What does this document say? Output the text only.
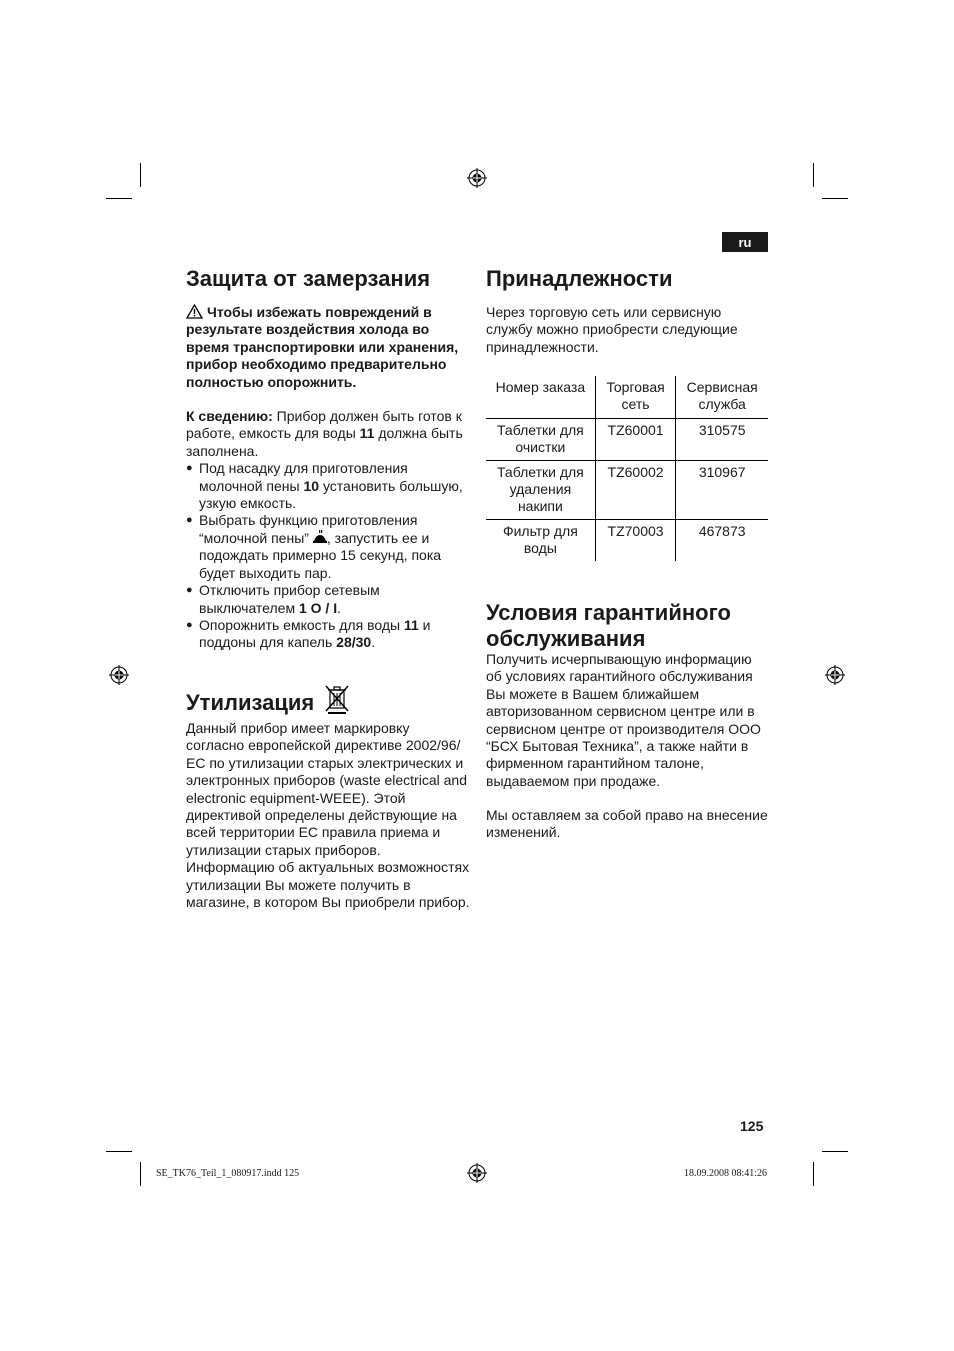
ru
Защита от замерзания

Чтобы избежать повреждений в результате воздействия холода во время транспортировки или хранения, прибор необходимо предварительно полностью опорожнить.

К сведению: Прибор должен быть готов к работе, емкость для воды 11 должна быть заполнена.

● Под насадку для приготовления молочной пены 10 установить большую, узкую емкость.
● Выбрать функцию приготовления “молочной пены” , запустить ее и подождать примерно 15 секунд, пока будет выходить пар.
● Отключить прибор сетевым выключателем 1 O / I.
● Опорожнить емкость для воды 11 и поддоны для капель 28/30.
Утилизация

Данный прибор имеет маркировку согласно европейской директиве 2002/96/ЕС по утилизации старых электрических и электронных приборов (waste electrical and electronic equipment-WEEE). Этой директивой определены действующие на всей территории ЕС правила приема и утилизации старых приборов. Информацию об актуальных возможностях утилизации Вы можете получить в магазине, в котором Вы приобрели прибор.

Принадлежности

Через торговую сеть или сервисную службу можно приобрести следующие принадлежности.

Номер заказа	Торговая сеть	Сервисная служба
Таблетки для очистки	TZ60001	310575
Таблетки для удаления накипи	TZ60002	310967
Фильтр для воды	TZ70003	467873
Условия гарантийного обслуживания

Получить исчерпывающую информацию об условиях гарантийного обслуживания Вы можете в Вашем ближайшем авторизованном сервисном центре или в сервисном центре от производителя ООО “БСХ Бытовая Техника”, а также найти в фирменном гарантийном талоне, выдаваемом при продаже.

Мы оставляем за собой право на внесение изменений.

125
SE_TK76_Teil_1_080917.indd 125	18.09.2008 08:41:26
